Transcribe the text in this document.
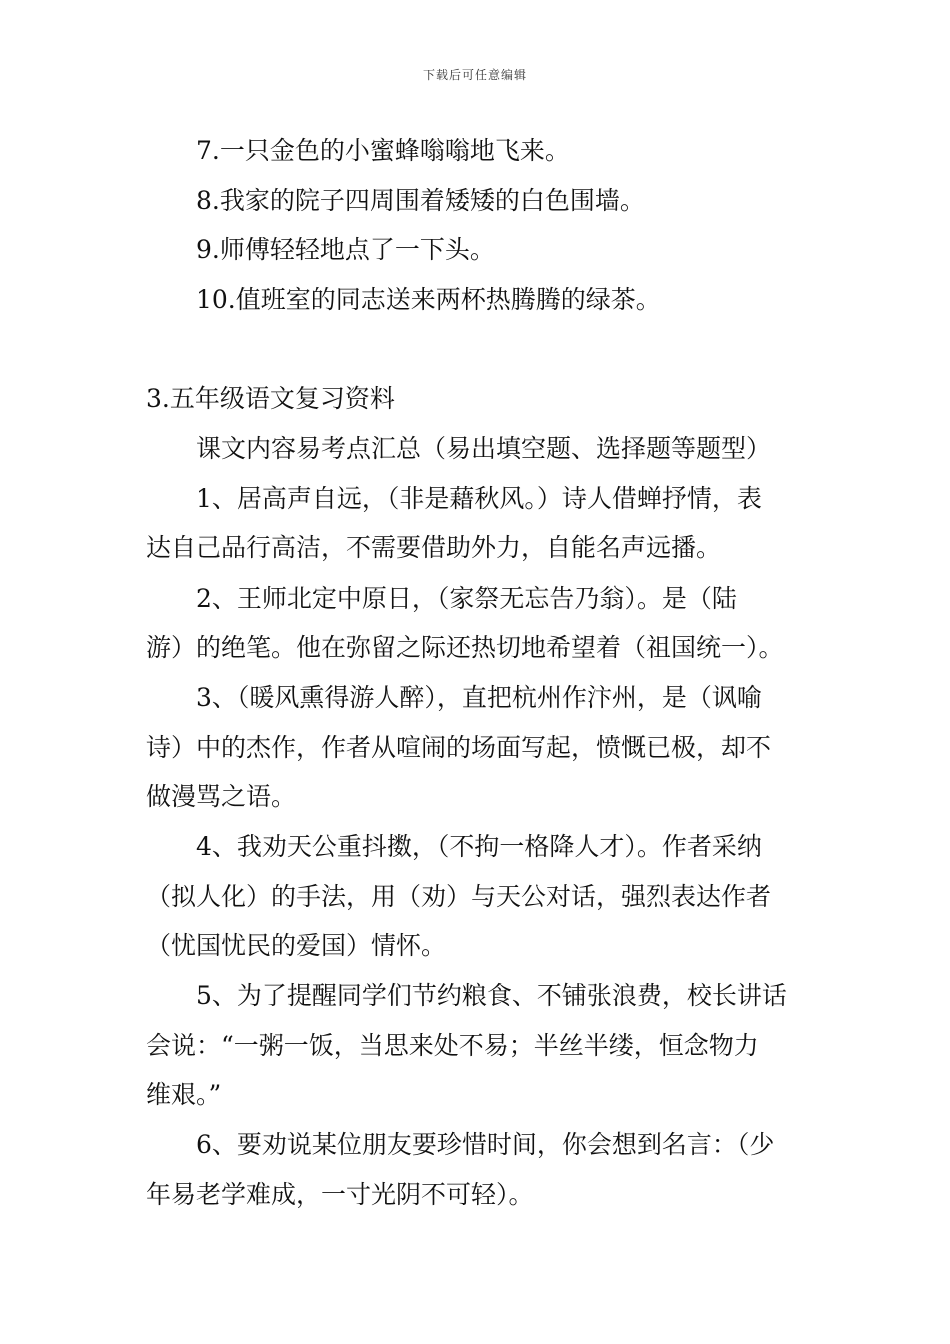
下载后可任意编辑
7.一只金色的小蜜蜂嗡嗡地飞来。
8.我家的院子四周围着矮矮的白色围墙。
9.师傅轻轻地点了一下头。
10.值班室的同志送来两杯热腾腾的绿茶。
3.五年级语文复习资料
课文内容易考点汇总（易出填空题、选择题等题型）
1、居高声自远，（非是藉秋风。）诗人借蝉抒情，表
达自己品行高洁，不需要借助外力，自能名声远播。
2、王师北定中原日，（家祭无忘告乃翁）。是（陆
游）的绝笔。他在弥留之际还热切地希望着（祖国统一）。
3、（暖风熏得游人醉），直把杭州作汴州，是（讽喻
诗）中的杰作，作者从喧闹的场面写起，愤慨已极，却不
做漫骂之语。
4、我劝天公重抖擞，（不拘一格降人才）。作者采纳
（拟人化）的手法，用（劝）与天公对话，强烈表达作者
（忧国忧民的爱国）情怀。
5、为了提醒同学们节约粮食、不铺张浪费，校长讲话
会说：“一粥一饭，当思来处不易；半丝半缕，恒念物力
维艰。”
6、要劝说某位朋友要珍惜时间，你会想到名言：（少
年易老学难成，一寸光阴不可轻）。
